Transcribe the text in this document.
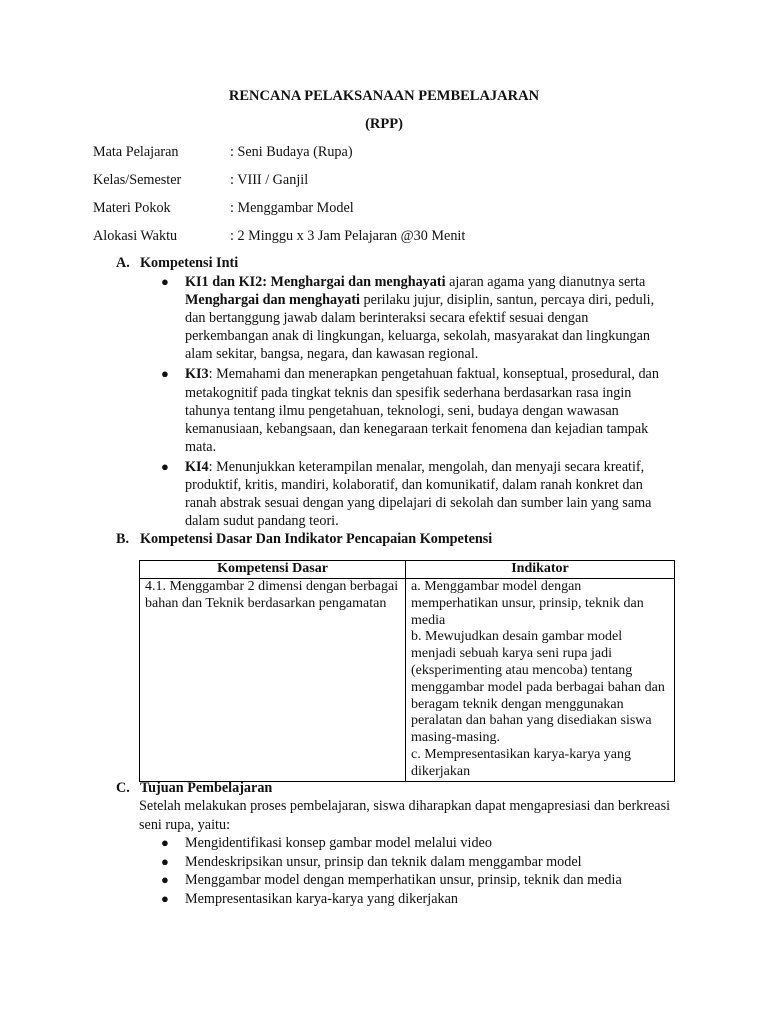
RENCANA PELAKSANAAN PEMBELAJARAN
(RPP)
Mata Pelajaran	: Seni Budaya (Rupa)
Kelas/Semester	: VIII / Ganjil
Materi Pokok	: Menggambar Model
Alokasi Waktu	: 2 Minggu x 3 Jam Pelajaran @30 Menit
A. Kompetensi Inti
● KI1 dan KI2: Menghargai dan menghayati ajaran agama yang dianutnya serta Menghargai dan menghayati perilaku jujur, disiplin, santun, percaya diri, peduli, dan bertanggung jawab dalam berinteraksi secara efektif sesuai dengan perkembangan anak di lingkungan, keluarga, sekolah, masyarakat dan lingkungan alam sekitar, bangsa, negara, dan kawasan regional.
● KI3: Memahami dan menerapkan pengetahuan faktual, konseptual, prosedural, dan metakognitif pada tingkat teknis dan spesifik sederhana berdasarkan rasa ingin tahunya tentang ilmu pengetahuan, teknologi, seni, budaya dengan wawasan kemanusiaan, kebangsaan, dan kenegaraan terkait fenomena dan kejadian tampak mata.
● KI4: Menunjukkan keterampilan menalar, mengolah, dan menyaji secara kreatif, produktif, kritis, mandiri, kolaboratif, dan komunikatif, dalam ranah konkret dan ranah abstrak sesuai dengan yang dipelajari di sekolah dan sumber lain yang sama dalam sudut pandang teori.
B. Kompetensi Dasar Dan Indikator Pencapaian Kompetensi
Kompetensi Dasar	Indikator
4.1. Menggambar 2 dimensi dengan berbagai bahan dan Teknik berdasarkan pengamatan	a. Menggambar model dengan memperhatikan unsur, prinsip, teknik dan media
b. Mewujudkan desain gambar model menjadi sebuah karya seni rupa jadi (eksperimenting atau mencoba) tentang menggambar model pada berbagai bahan dan beragam teknik dengan menggunakan peralatan dan bahan yang disediakan siswa masing-masing.
c. Mempresentasikan karya-karya yang dikerjakan
C. Tujuan Pembelajaran
Setelah melakukan proses pembelajaran, siswa diharapkan dapat mengapresiasi dan berkreasi seni rupa, yaitu:
● Mengidentifikasi konsep gambar model melalui video
● Mendeskripsikan unsur, prinsip dan teknik dalam menggambar model
● Menggambar model dengan memperhatikan unsur, prinsip, teknik dan media
● Mempresentasikan karya-karya yang dikerjakan
